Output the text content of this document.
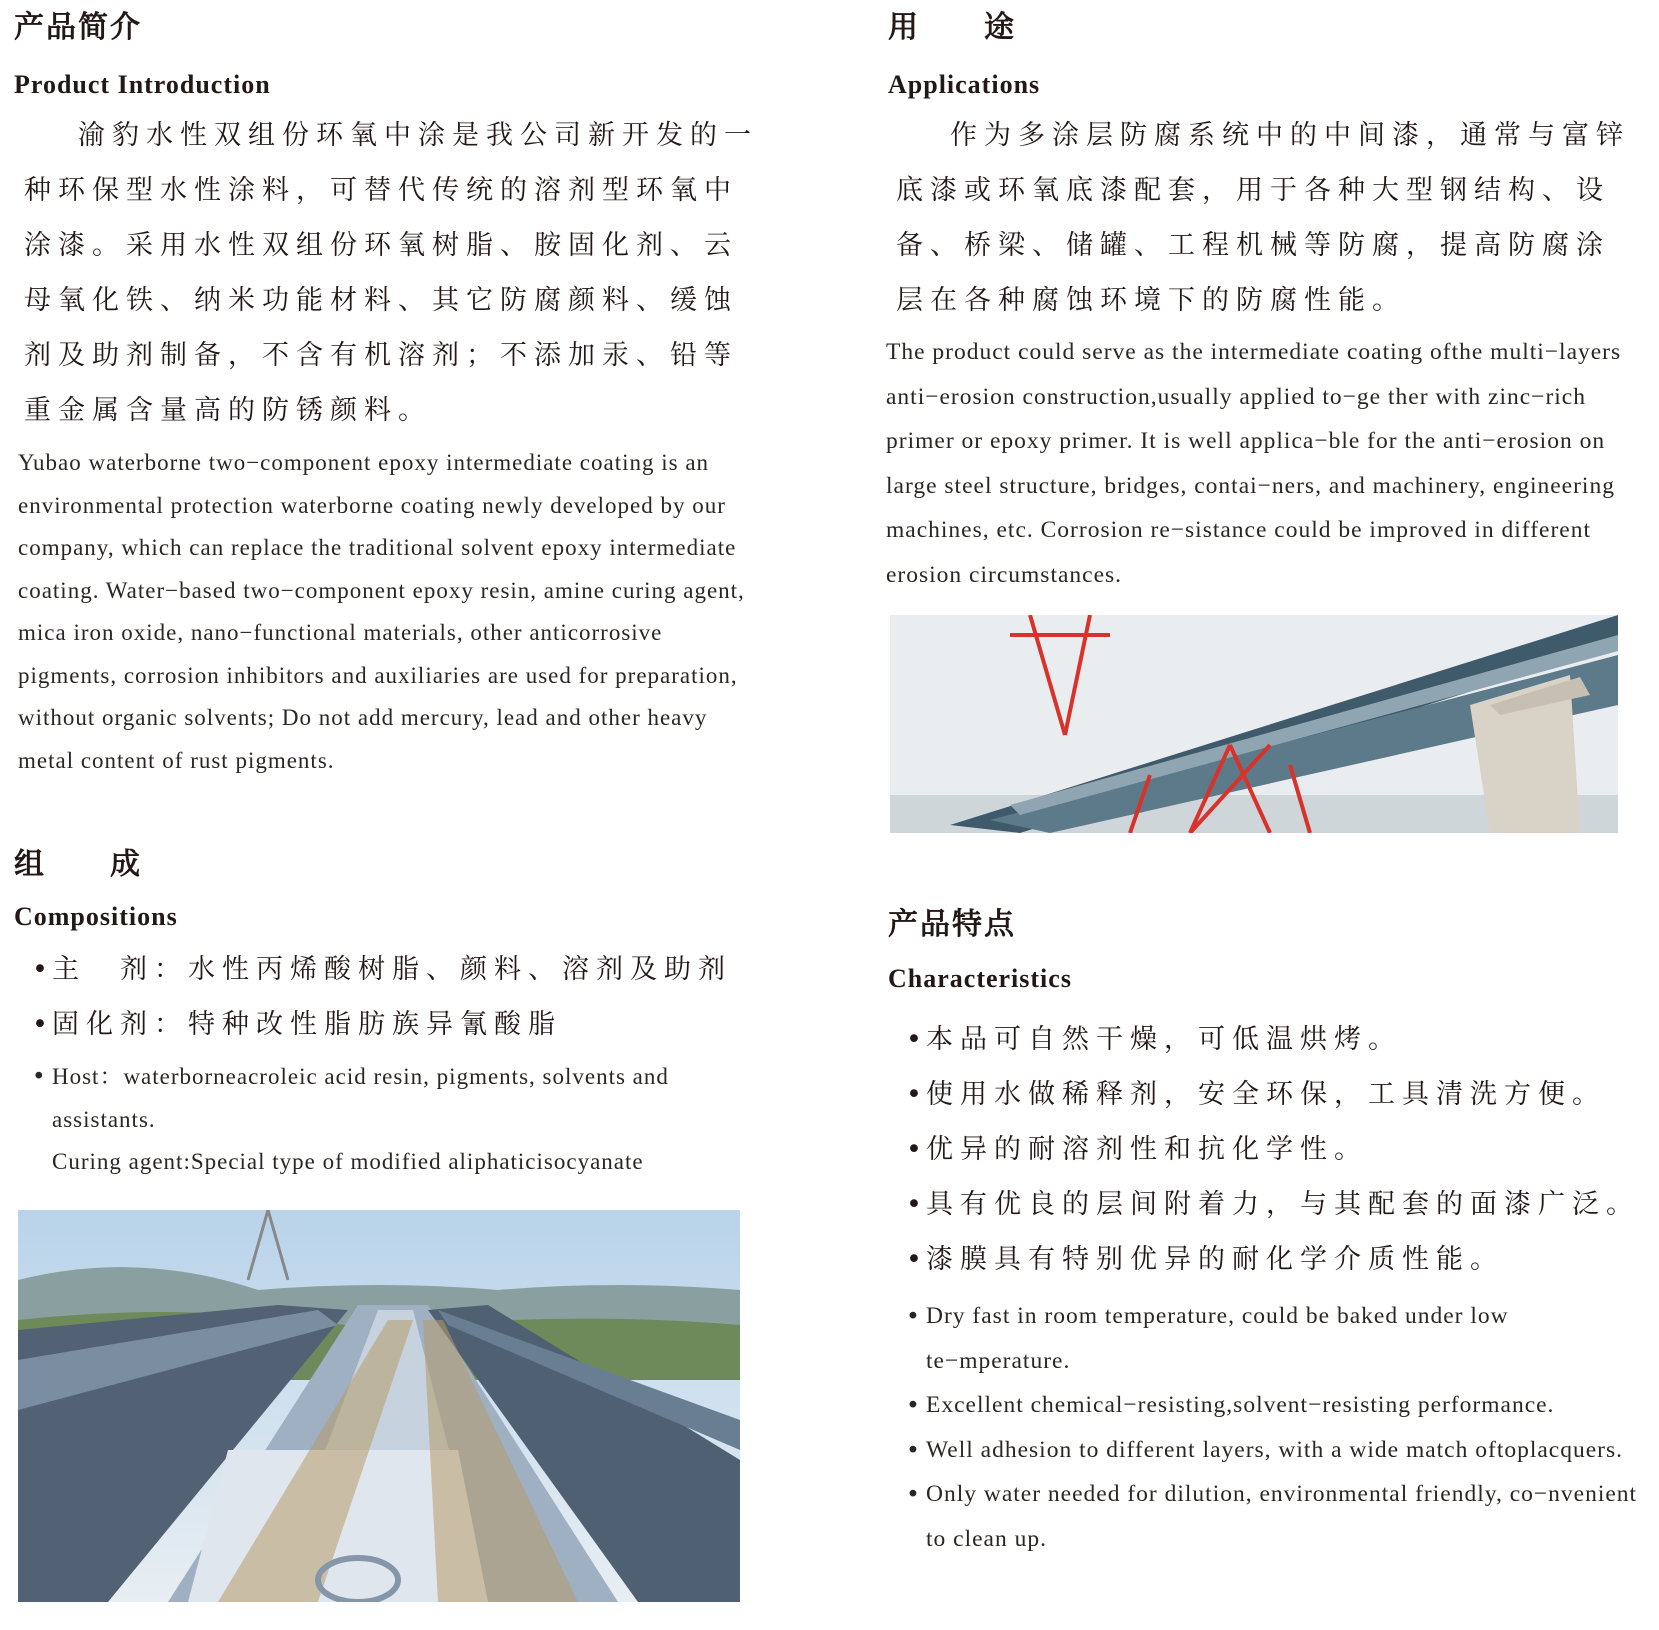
产品简介
Product Introduction

渝豹水性双组份环氧中涂是我公司新开发的一种环保型水性涂料，可替代传统的溶剂型环氧中涂漆。采用水性双组份环氧树脂、胺固化剂、云母氧化铁、纳米功能材料、其它防腐颜料、缓蚀剂及助剂制备，不含有机溶剂；不添加汞、铅等重金属含量高的防锈颜料。

Yubao waterborne two−component epoxy intermediate coating is an environmental protection waterborne coating newly developed by our company, which can replace the traditional solvent epoxy intermediate coating. Water−based two−component epoxy resin, amine curing agent, mica iron oxide, nano−functional materials, other anticorrosive pigments, corrosion inhibitors and auxiliaries are used for preparation, without organic solvents; Do not add mercury, lead and other heavy metal content of rust pigments.

组　　成
Compositions
•
主　剂：水性丙烯酸树脂、颜料、溶剂及助剂
•
固化剂：特种改性脂肪族异氰酸脂
• Host：waterborneacroleic acid resin, pigments, solvents and assistants.
Curing agent:Special type of modified aliphaticisocyanate
用　　途
Applications

作为多涂层防腐系统中的中间漆，通常与富锌底漆或环氧底漆配套，用于各种大型钢结构、设备、桥梁、储罐、工程机械等防腐，提高防腐涂层在各种腐蚀环境下的防腐性能。

The product could serve as the intermediate coating ofthe multi−layers anti−erosion construction,usually applied to−ge ther with zinc−rich primer or epoxy primer. It is well applica−ble for the anti−erosion on large steel structure, bridges, contai−ners, and machinery, engineering machines, etc. Corrosion re−sistance could be improved in different erosion circumstances.

产品特点
Characteristics
•
本品可自然干燥，可低温烘烤。
•
使用水做稀释剂，安全环保，工具清洗方便。
•
优异的耐溶剂性和抗化学性。
•
具有优良的层间附着力，与其配套的面漆广泛。
•
漆膜具有特别优异的耐化学介质性能。
• Dry fast in room temperature, could be baked under low te−mperature.
• Excellent chemical−resisting,solvent−resisting performance.
• Well adhesion to different layers, with a wide match oftoplacquers.
• Only water needed for dilution, environmental friendly, co−nvenient to clean up.
